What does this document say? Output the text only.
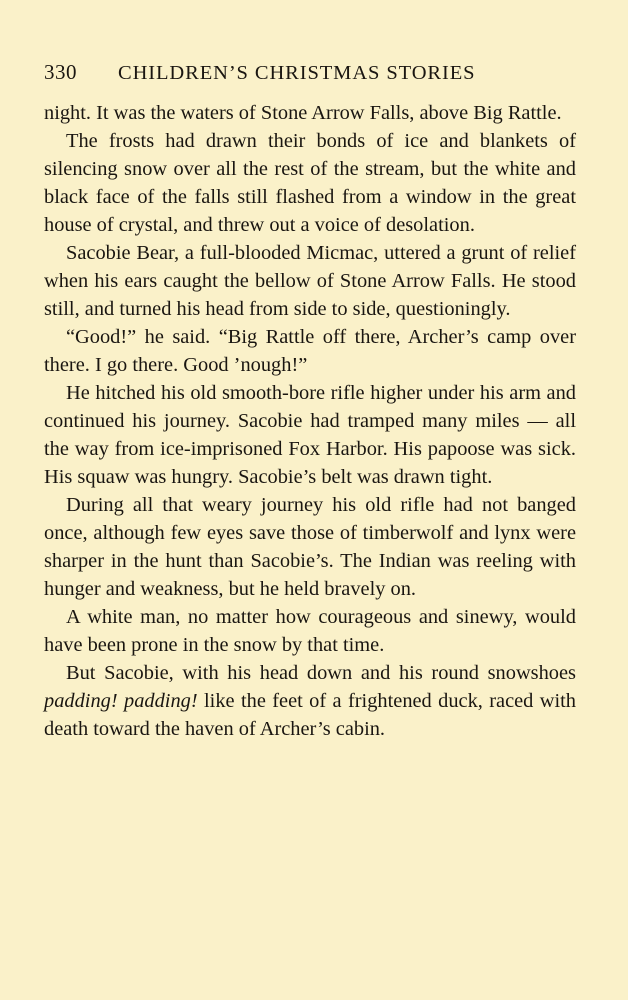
330	CHILDREN’S CHRISTMAS STORIES

night. It was the waters of Stone Arrow Falls, above Big Rattle.

The frosts had drawn their bonds of ice and blankets of silencing snow over all the rest of the stream, but the white and black face of the falls still flashed from a window in the great house of crystal, and threw out a voice of desolation.

Sacobie Bear, a full-blooded Micmac, uttered a grunt of relief when his ears caught the bellow of Stone Arrow Falls. He stood still, and turned his head from side to side, questioningly.

“Good!” he said. “Big Rattle off there, Archer’s camp over there. I go there. Good ’nough!”

He hitched his old smooth-bore rifle higher under his arm and continued his journey. Sacobie had tramped many miles — all the way from ice-imprisoned Fox Harbor. His papoose was sick. His squaw was hungry. Sacobie’s belt was drawn tight.

During all that weary journey his old rifle had not banged once, although few eyes save those of timberwolf and lynx were sharper in the hunt than Sacobie’s. The Indian was reeling with hunger and weakness, but he held bravely on.

A white man, no matter how courageous and sinewy, would have been prone in the snow by that time.

But Sacobie, with his head down and his round snowshoes padding! padding! like the feet of a frightened duck, raced with death toward the haven of Archer’s cabin.
